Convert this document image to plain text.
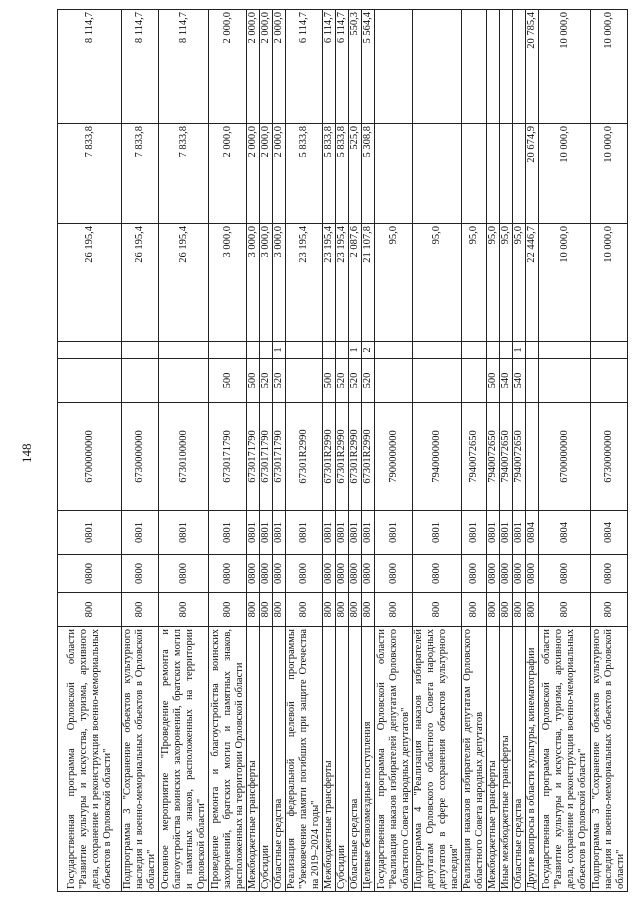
148
Государственная программа Орловской области "Развитие культуры и искусства, туризма, архивного дела, сохранение и реконструкция военно-мемориальных объектов в Орловской области"	800	0800	0801	6700000000			26 195,4	7 833,8	8 114,7
Подпрограмма 3 "Сохранение объектов культурного наследия и военно-мемориальных объектов в Орловской области"	800	0800	0801	6730000000			26 195,4	7 833,8	8 114,7
Основное мероприятие "Проведение ремонта и благоустройства воинских захоронений, братских могил и памятных знаков, расположенных на территории Орловской области"	800	0800	0801	6730100000			26 195,4	7 833,8	8 114,7
Проведение ремонта и благоустройства воинских захоронений, братских могил и памятных знаков, расположенных на территории Орловской области	800	0800	0801	6730171790	500		3 000,0	2 000,0	2 000,0
Межбюджетные трансферты	800	0800	0801	6730171790	500		3 000,0	2 000,0	2 000,0
Субсидии	800	0800	0801	6730171790	520		3 000,0	2 000,0	2 000,0
Областные средства	800	0800	0801	6730171790	520	1	3 000,0	2 000,0	2 000,0
Реализация федеральной целевой программы "Увековечение памяти погибших при защите Отечества на 2019–2024 годы"	800	0800	0801	67301R2990			23 195,4	5 833,8	6 114,7
Межбюджетные трансферты	800	0800	0801	67301R2990	500		23 195,4	5 833,8	6 114,7
Субсидии	800	0800	0801	67301R2990	520		23 195,4	5 833,8	6 114,7
Областные средства	800	0800	0801	67301R2990	520	1	2 087,6	525,0	550,3
Целевые безвозмездные поступления	800	0800	0801	67301R2990	520	2	21 107,8	5 308,8	5 564,4
Государственная программа Орловской области "Реализация наказов избирателей депутатам Орловского областного Совета народных депутатов"	800	0800	0801	7900000000			95,0		
Подпрограмма 4 "Реализация наказов избирателей депутатам Орловского областного Совета народных депутатов в сфере сохранения объектов культурного наследия"	800	0800	0801	7940000000			95,0		
Реализация наказов избирателей депутатам Орловского областного Совета народных депутатов	800	0800	0801	7940072650			95,0		
Межбюджетные трансферты	800	0800	0801	7940072650	500		95,0		
Иные межбюджетные трансферты	800	0800	0801	7940072650	540		95,0		
Областные средства	800	0800	0801	7940072650	540	1	95,0		
Другие вопросы в области культуры, кинематографии	800	0800	0804				22 446,7	20 674,9	20 785,4
Государственная программа Орловской области "Развитие культуры и искусства, туризма, архивного дела, сохранение и реконструкция военно-мемориальных объектов в Орловской области"	800	0800	0804	6700000000			10 000,0	10 000,0	10 000,0
Подпрограмма 3 "Сохранение объектов культурного наследия и военно-мемориальных объектов в Орловской области"	800	0800	0804	6730000000			10 000,0	10 000,0	10 000,0
